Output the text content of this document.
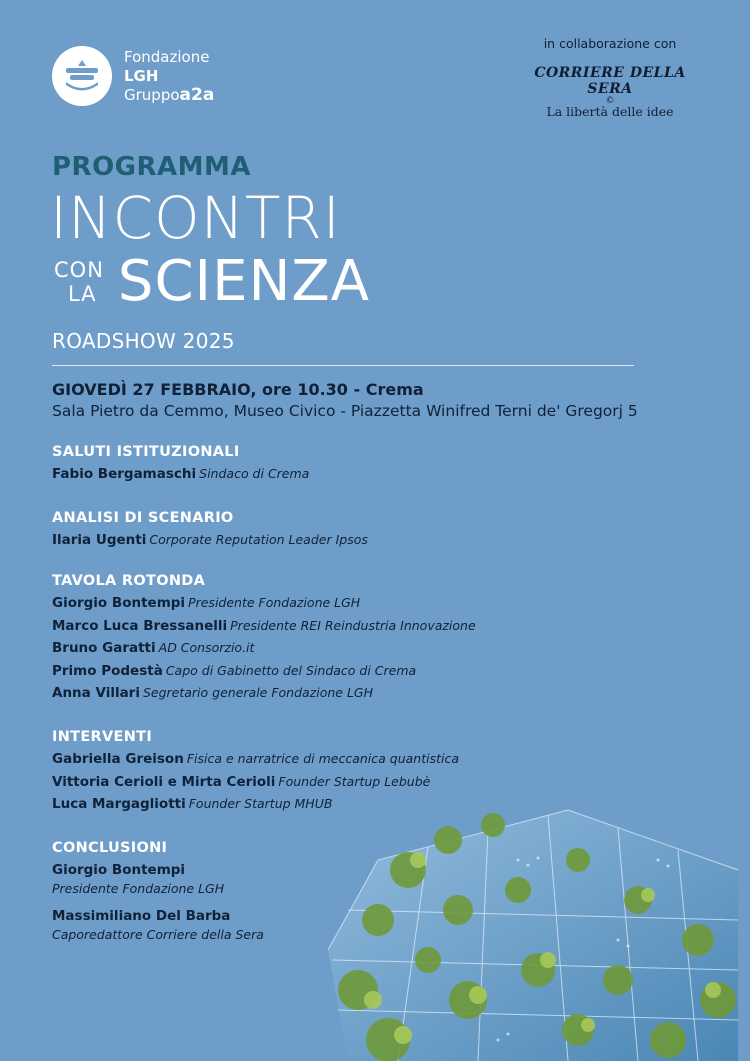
Fondazione
LGH
Gruppoa2a
in collaborazione con
CORRIERE DELLA SERA
©
La libertà delle idee
PROGRAMMA
INCONTRI
CON
LA SCIENZA
ROADSHOW 2025
GIOVEDÌ 27 FEBBRAIO, ore 10.30 - Crema
Sala Pietro da Cemmo, Museo Civico - Piazzetta Winifred Terni de' Gregorj 5
SALUTI ISTITUZIONALI
Fabio Bergamaschi Sindaco di Crema
ANALISI DI SCENARIO
Ilaria Ugenti Corporate Reputation Leader Ipsos
TAVOLA ROTONDA
Giorgio Bontempi Presidente Fondazione LGH
Marco Luca Bressanelli Presidente REI Reindustria Innovazione
Bruno Garatti AD Consorzio.it
Primo Podestà Capo di Gabinetto del Sindaco di Crema
Anna Villari Segretario generale Fondazione LGH
INTERVENTI
Gabriella Greison Fisica e narratrice di meccanica quantistica
Vittoria Cerioli e Mirta Cerioli Founder Startup Lebubè
Luca Margagliotti Founder Startup MHUB
CONCLUSIONI
Giorgio Bontempi
Presidente Fondazione LGH
Massimiliano Del Barba
Caporedattore Corriere della Sera
